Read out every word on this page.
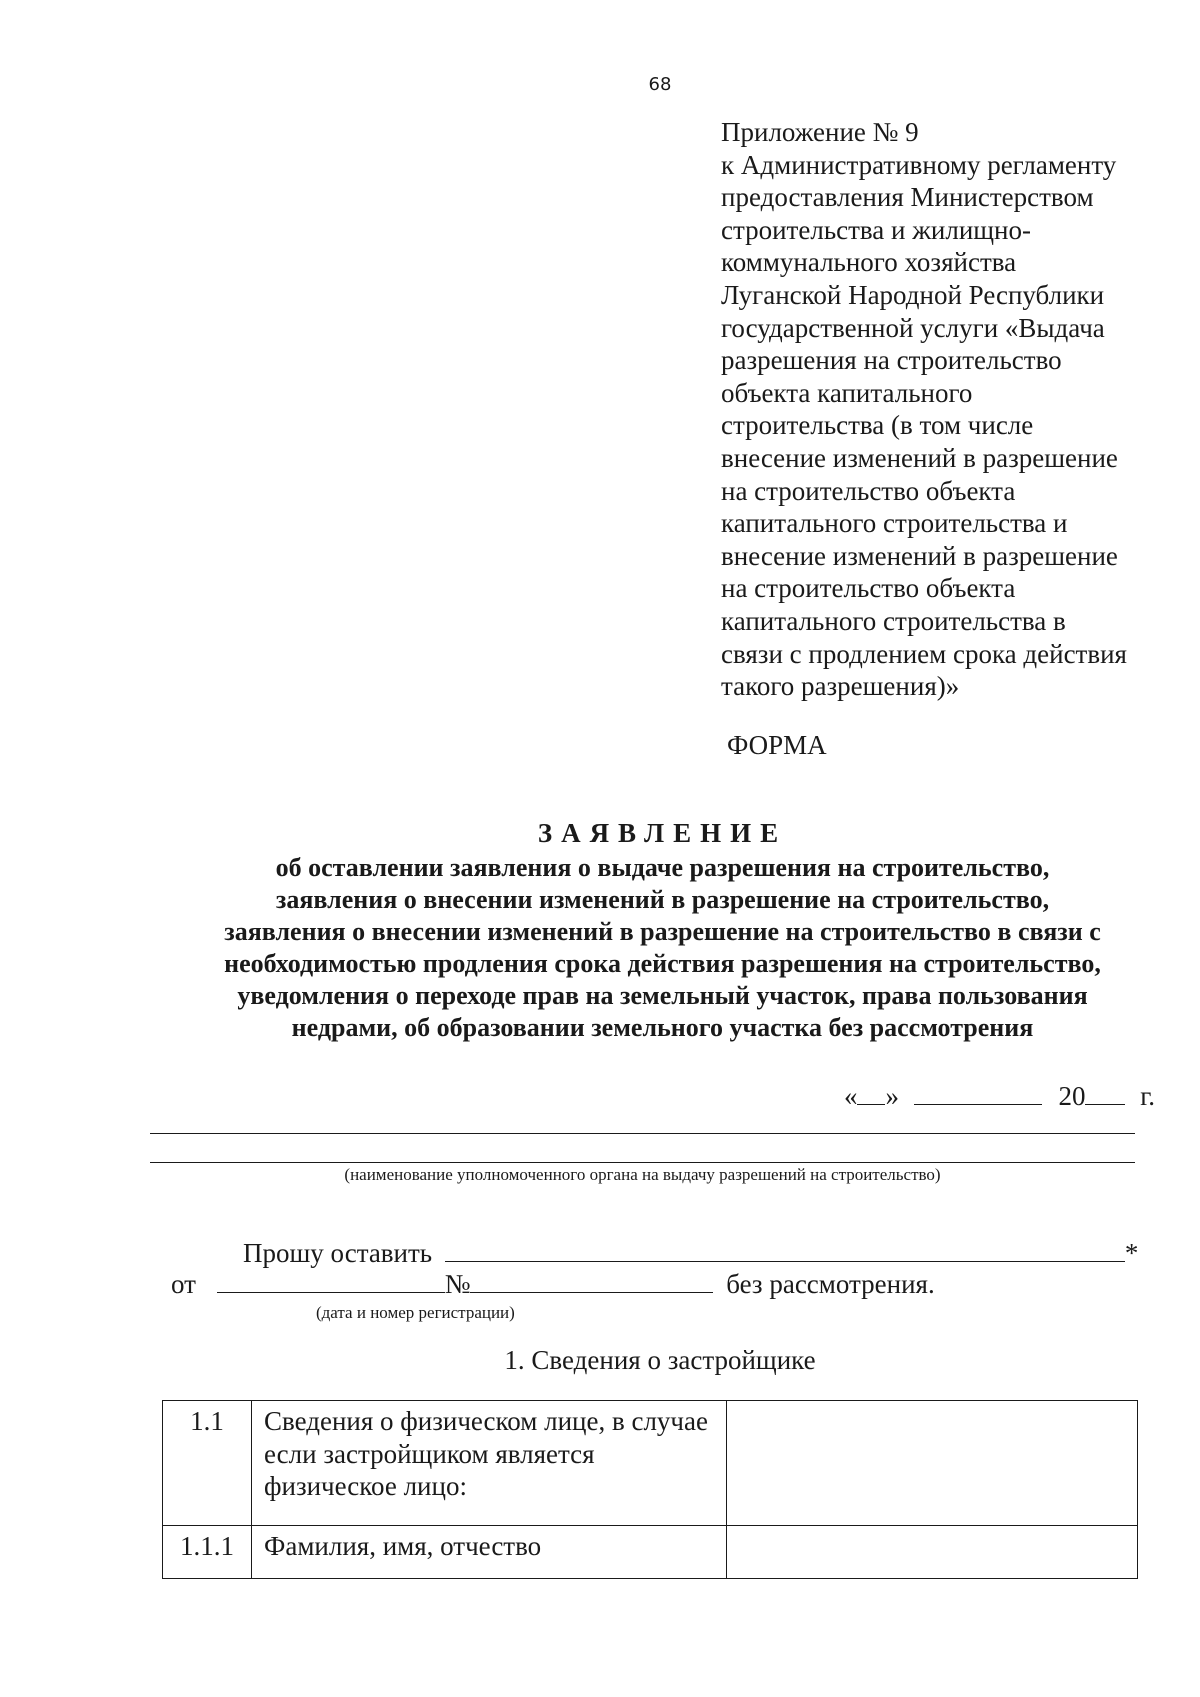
68
Приложение № 9
к Административному регламенту
предоставления Министерством
строительства и жилищно-
коммунального хозяйства
Луганской Народной Республики
государственной услуги «Выдача
разрешения на строительство
объекта капитального
строительства (в том числе
внесение изменений в разрешение
на строительство объекта
капитального строительства и
внесение изменений в разрешение
на строительство объекта
капитального строительства в
связи с продлением срока действия
такого разрешения)»
ФОРМА
ЗАЯВЛЕНИЕ
об оставлении заявления о выдаче разрешения на строительство,
заявления о внесении изменений в разрешение на строительство,
заявления о внесении изменений в разрешение на строительство в связи с
необходимостью продления срока действия разрешения на строительство,
уведомления о переходе прав на земельный участок, права пользования
недрами, об образовании земельного участка без рассмотрения
« »	20 г.
(наименование уполномоченного органа на выдачу разрешений на строительство)
Прошу оставить	*
от	№	без рассмотрения.
(дата и номер регистрации)
1. Сведения о застройщике
1.1	Сведения о физическом лице, в случае если застройщиком является физическое лицо:	
1.1.1	Фамилия, имя, отчество	
